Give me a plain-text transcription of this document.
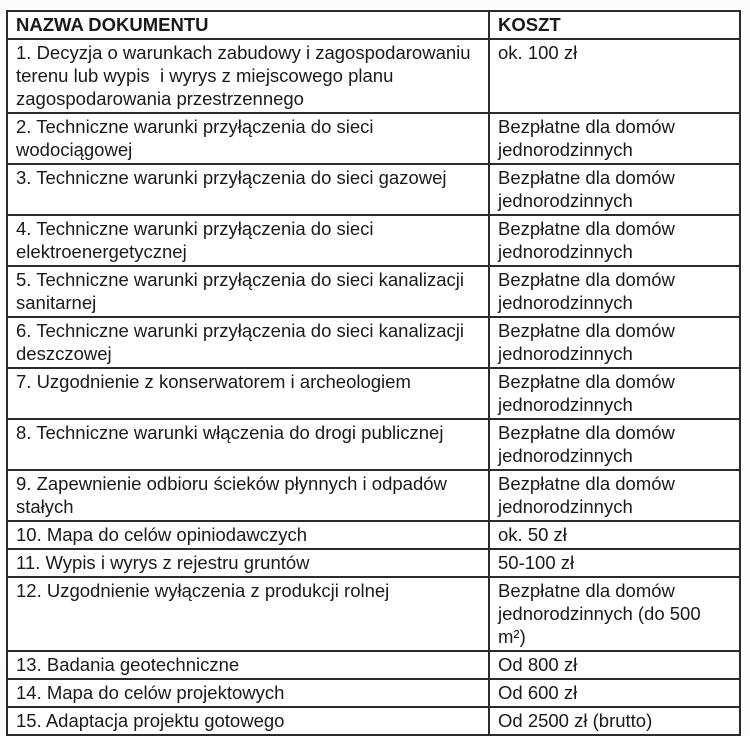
NAZWA DOKUMENTU	KOSZT
1. Decyzja o warunkach zabudowy i zagospodarowaniu terenu lub wypis  i wyrys z miejscowego planu zagospodarowania przestrzennego	ok. 100 zł
2. Techniczne warunki przyłączenia do sieci wodociągowej	Bezpłatne dla domów jednorodzinnych
3. Techniczne warunki przyłączenia do sieci gazowej	Bezpłatne dla domów jednorodzinnych
4. Techniczne warunki przyłączenia do sieci elektroenergetycznej	Bezpłatne dla domów jednorodzinnych
5. Techniczne warunki przyłączenia do sieci kanalizacji sanitarnej	Bezpłatne dla domów jednorodzinnych
6. Techniczne warunki przyłączenia do sieci kanalizacji deszczowej	Bezpłatne dla domów jednorodzinnych
7. Uzgodnienie z konserwatorem i archeologiem	Bezpłatne dla domów jednorodzinnych
8. Techniczne warunki włączenia do drogi publicznej	Bezpłatne dla domów jednorodzinnych
9. Zapewnienie odbioru ścieków płynnych i odpadów stałych	Bezpłatne dla domów jednorodzinnych
10. Mapa do celów opiniodawczych	ok. 50 zł
11. Wypis i wyrys z rejestru gruntów	50-100 zł
12. Uzgodnienie wyłączenia z produkcji rolnej	Bezpłatne dla domów jednorodzinnych (do 500 m²)
13. Badania geotechniczne	Od 800 zł
14. Mapa do celów projektowych	Od 600 zł
15. Adaptacja projektu gotowego	Od 2500 zł (brutto)
